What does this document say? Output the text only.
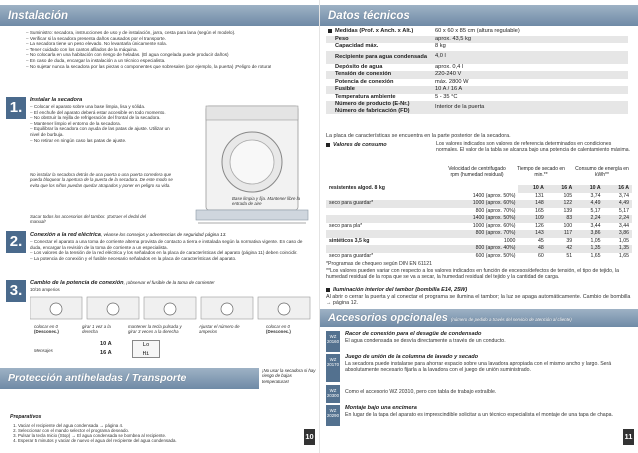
Instalación
– Suministro: secadora, instrucciones de uso y de instalación, jarra, cesta para lana (según el modelo).
– Verificar si la secadora presenta daños causados por el transporte.
– La secadora tiene un peso elevado. No levantarla únicamente sola.
– Tener cuidado con los cantos afilados de la máquina.
– No colocarla en una habitación con riesgo de heladas. (El agua congelada puede producir daños)
– En caso de duda, encargar la instalación a un técnico especialista.
– No sujetar nunca la secadora por las piezas o componentes que sobresalen (por ejemplo, la puerta) ¡Peligro de rotura!
1.	Instalar la secadora
– Colocar el aparato sobre una base limpia, lisa y sólida.
– El enchufe del aparato deberá estar accesible en todo momento.
– No obstruir la rejilla de refrigeración del frontal de la secadora.
– Mantener limpio el entorno de la secadora.
– Equilibrar la secadora con ayuda de las patas de ajuste. Utilizar un nivel de burbuja.
– No retirar en ningún caso las patas de ajuste.
No instalar la secadora detrás de una puerta o una puerta corredera que pueda bloquear la apertura de la puerta de la secadora. De este modo se evita que los niños puedan quedar atrapados y poner en peligro su vida.
Sacar todos los accesorios del tambor. ¡Extraer el dedal del manual!
Base limpia y fija. Mantener libre la entrada de aire
2.	Conexión a la red eléctrica, véanse los consejos y advertencias de seguridad página 13.
– Conectar el aparato a una toma de corriente alterna provista de contacto a tierra e instalada según la normativa vigente. En caso de duda, encargar la revisión de la toma de corriente a un especialista.
– Los valores de la tensión de la red eléctrica y los señalados en la placa de características del aparato (página 11) deben coincidir.
– La potencia de conexión y el fusible necesario señalados en la placa de características del aparato.
3.	Cambio de la potencia de conexión, ¡observar el fusible de la toma de corriente!
10/16 amperios
colocar en 0 (Desconec.)
girar 1 vez a la derecha
mantener la tecla pulsada y girar 3 veces a la derecha
Ajustar el número de amperios
colocar en 0 (Desconec.)
Mensajes
10 A
16 A
Lo
Hi
Protección antiheladas / Transporte
¡No usar la secadora si hay riesgo de bajas temperaturas!
Preparativos
1. Vaciar el recipiente del agua condensada → página 4.
2. Seleccionar con el mando selector el programa deseado.
3. Pulsar la tecla Inicio (Stop) → El agua condensada se bombea al recipiente.
4. Esperar 5 minutos y vaciar de nuevo el agua del recipiente del agua condensada.	10
Datos técnicos
Medidas (Prof. x Anch. x Alt.)	60 x 60 x 85 cm (altura regulable)
Peso	aprox. 43,5 kg
Capacidad máx.	8 kg
Recipiente para agua condensada	4,0 l
Depósito de agua	aprox. 0,4 l
Tensión de conexión	220-240 V
Potencia de conexión	máx. 2800 W
Fusible	10 A / 16 A
Temperatura ambiente	5 - 35 °C
Número de producto (E-Nr.) Número de fabricación (FD)	Interior de la puerta
La placa de características se encuentra en la parte posterior de la secadora.
Valores de consumo	Los valores indicados son valores de referencia determinados en condiciones normales. El valor de la tabla se alcanza bajo una potencia de calentamiento máxima.
Velocidad de centrifugado rpm (humedad residual)
Tiempo de secado en min.**
Consumo de energía en kWh**
resistentes algod. 8 kg		10 A	16 A	10 A	16 A
	1400 (aprox. 50%)	131	105	3,74	3,74
seco para guardar*	1000 (aprox. 60%)	148	122	4,49	4,49
	800 (aprox. 70%)	165	139	5,17	5,17
	1400 (aprox. 50%)	109	83	2,24	2,24
seco para pla*	1000 (aprox. 60%)	126	100	3,44	3,44
	800 (aprox. 70%)	143	117	3,86	3,86
sintéticos 3,5 kg	1000	45	39	1,05	1,05
	800 (aprox. 40%)	48	42	1,35	1,35
seco para guardar*	600 (aprox. 50%)	60	51	1,65	1,65
*Programas de chequeo según DIN EN 61121
**Los valores pueden variar con respecto a los valores indicados en función de excesos/defectos de tensión, el tipo de tejido, la humedad residual de la ropa que se va a secar, la humedad residual del tejido y la cantidad de carga.
Iluminación interior del tambor (bombilla E14, 25W)
Al abrir o cerrar la puerta y al conectar el programa se ilumina el tambor; la luz se apaga automáticamente. Cambio de bombilla → página 12.
Accesorios opcionales (número de pedido a través del servicio de atención al cliente)
WZ 20160
Racor de conexión para el desagüe de condensado
El agua condensada se desvía directamente a través de un conducto.
WZ 20170
Juego de unión de la columna de lavado y secado
La secadora puede instalarse para ahorrar espacio sobre una lavadora apropiada con el mismo ancho y largo. Será absolutamente necesario fijarla a la lavadora con el juego de unión suministrado.
WZ 20300
Como el accesorio WZ 20310, pero con tabla de trabajo extraíble.
WZ 20290
Montaje bajo una encimera
En lugar de la tapa del aparato es imprescindible solicitar a un técnico especialista el montaje de una tapa de chapa.
11
